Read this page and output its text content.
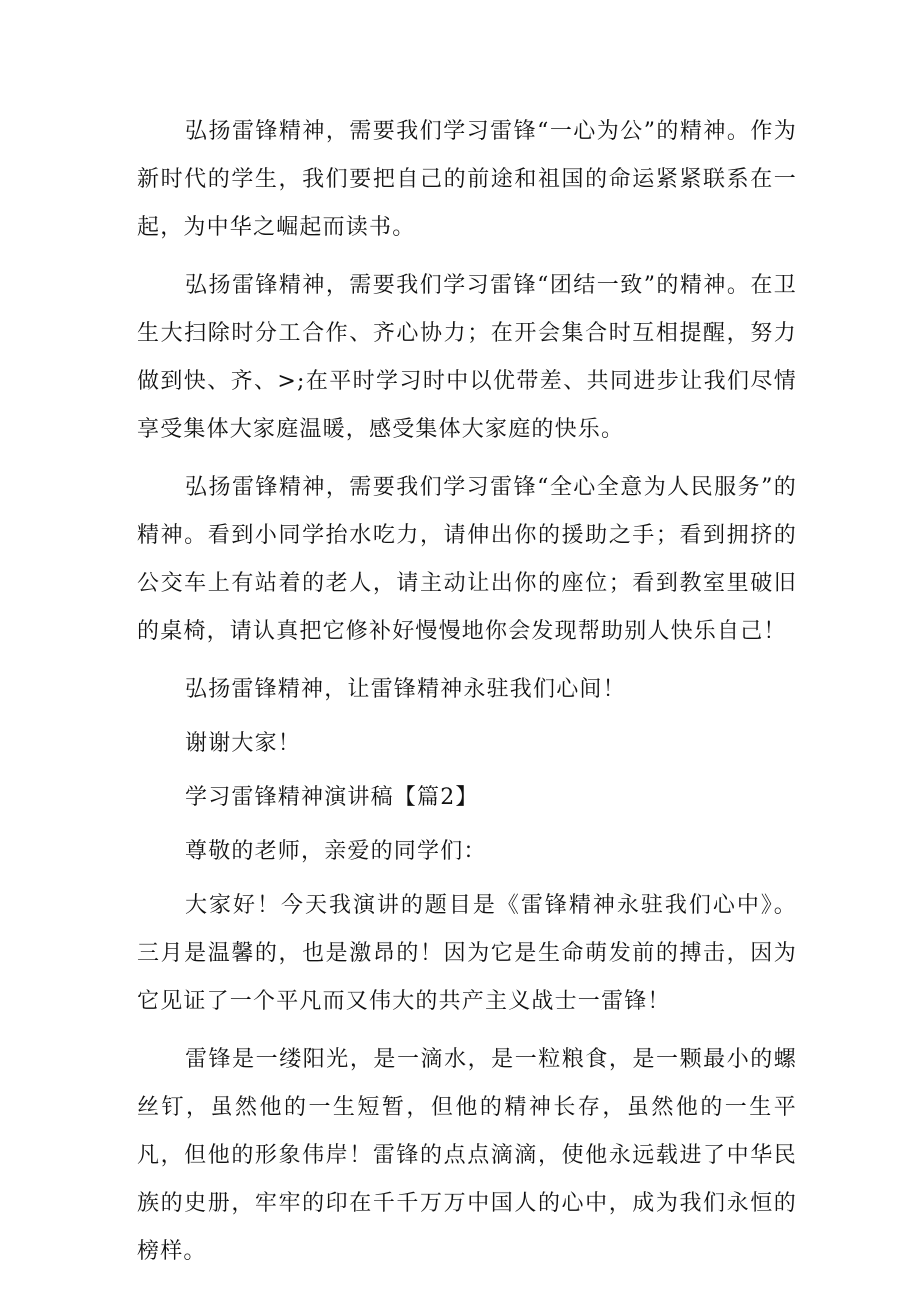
弘扬雷锋精神，需要我们学习雷锋“一心为公”的精神。作为新时代的学生，我们要把自己的前途和祖国的命运紧紧联系在一起，为中华之崛起而读书。

弘扬雷锋精神，需要我们学习雷锋“团结一致”的精神。在卫生大扫除时分工合作、齐心协力；在开会集合时互相提醒，努力做到快、齐、>;在平时学习时中以优带差、共同进步让我们尽情享受集体大家庭温暖，感受集体大家庭的快乐。

弘扬雷锋精神，需要我们学习雷锋“全心全意为人民服务”的精神。看到小同学抬水吃力，请伸出你的援助之手；看到拥挤的公交车上有站着的老人，请主动让出你的座位；看到教室里破旧的桌椅，请认真把它修补好慢慢地你会发现帮助别人快乐自己！

弘扬雷锋精神，让雷锋精神永驻我们心间！

谢谢大家！

学习雷锋精神演讲稿【篇2】

尊敬的老师，亲爱的同学们：

大家好！今天我演讲的题目是《雷锋精神永驻我们心中》。三月是温馨的，也是激昂的！因为它是生命萌发前的搏击，因为它见证了一个平凡而又伟大的共产主义战士一雷锋！

雷锋是一缕阳光，是一滴水，是一粒粮食，是一颗最小的螺丝钉，虽然他的一生短暂，但他的精神长存，虽然他的一生平凡，但他的形象伟岸！雷锋的点点滴滴，使他永远载进了中华民族的史册，牢牢的印在千千万万中国人的心中，成为我们永恒的榜样。
